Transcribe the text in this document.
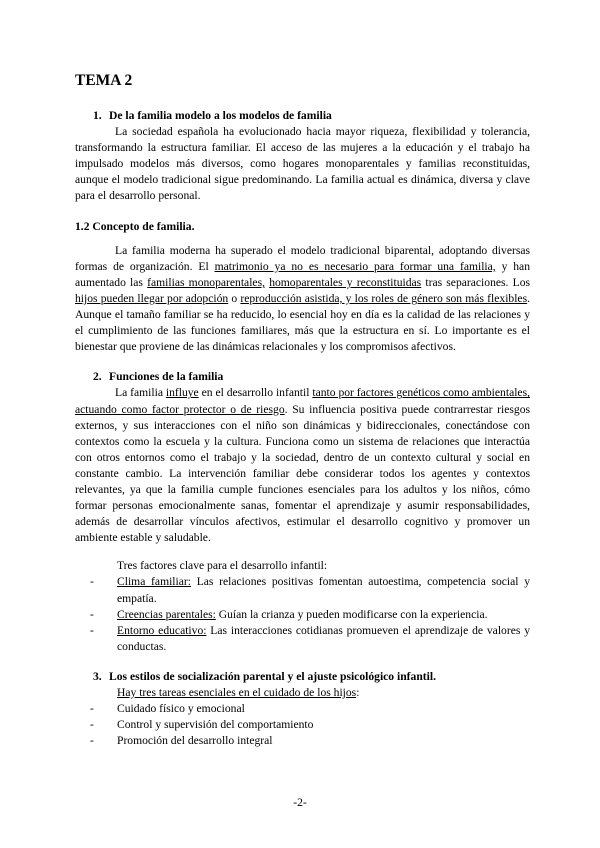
TEMA 2
1. De la familia modelo a los modelos de familia

La sociedad española ha evolucionado hacia mayor riqueza, flexibilidad y tolerancia, transformando la estructura familiar. El acceso de las mujeres a la educación y el trabajo ha impulsado modelos más diversos, como hogares monoparentales y familias reconstituidas, aunque el modelo tradicional sigue predominando. La familia actual es dinámica, diversa y clave para el desarrollo personal.

1.2 Concepto de familia.

La familia moderna ha superado el modelo tradicional biparental, adoptando diversas formas de organización. El matrimonio ya no es necesario para formar una familia, y han aumentado las familias monoparentales, homoparentales y reconstituidas tras separaciones. Los hijos pueden llegar por adopción o reproducción asistida, y los roles de género son más flexibles. Aunque el tamaño familiar se ha reducido, lo esencial hoy en día es la calidad de las relaciones y el cumplimiento de las funciones familiares, más que la estructura en sí. Lo importante es el bienestar que proviene de las dinámicas relacionales y los compromisos afectivos.

2. Funciones de la familia

La familia influye en el desarrollo infantil tanto por factores genéticos como ambientales, actuando como factor protector o de riesgo. Su influencia positiva puede contrarrestar riesgos externos, y sus interacciones con el niño son dinámicas y bidireccionales, conectándose con contextos como la escuela y la cultura. Funciona como un sistema de relaciones que interactúa con otros entornos como el trabajo y la sociedad, dentro de un contexto cultural y social en constante cambio. La intervención familiar debe considerar todos los agentes y contextos relevantes, ya que la familia cumple funciones esenciales para los adultos y los niños, cómo formar personas emocionalmente sanas, fomentar el aprendizaje y asumir responsabilidades, además de desarrollar vínculos afectivos, estimular el desarrollo cognitivo y promover un ambiente estable y saludable.

Tres factores clave para el desarrollo infantil:

- Clima familiar: Las relaciones positivas fomentan autoestima, competencia social y empatía.
- Creencias parentales: Guían la crianza y pueden modificarse con la experiencia.
- Entorno educativo: Las interacciones cotidianas promueven el aprendizaje de valores y conductas.
3. Los estilos de socialización parental y el ajuste psicológico infantil.
Hay tres tareas esenciales en el cuidado de los hijos:
- Cuidado físico y emocional
- Control y supervisión del comportamiento
- Promoción del desarrollo integral
-2-
